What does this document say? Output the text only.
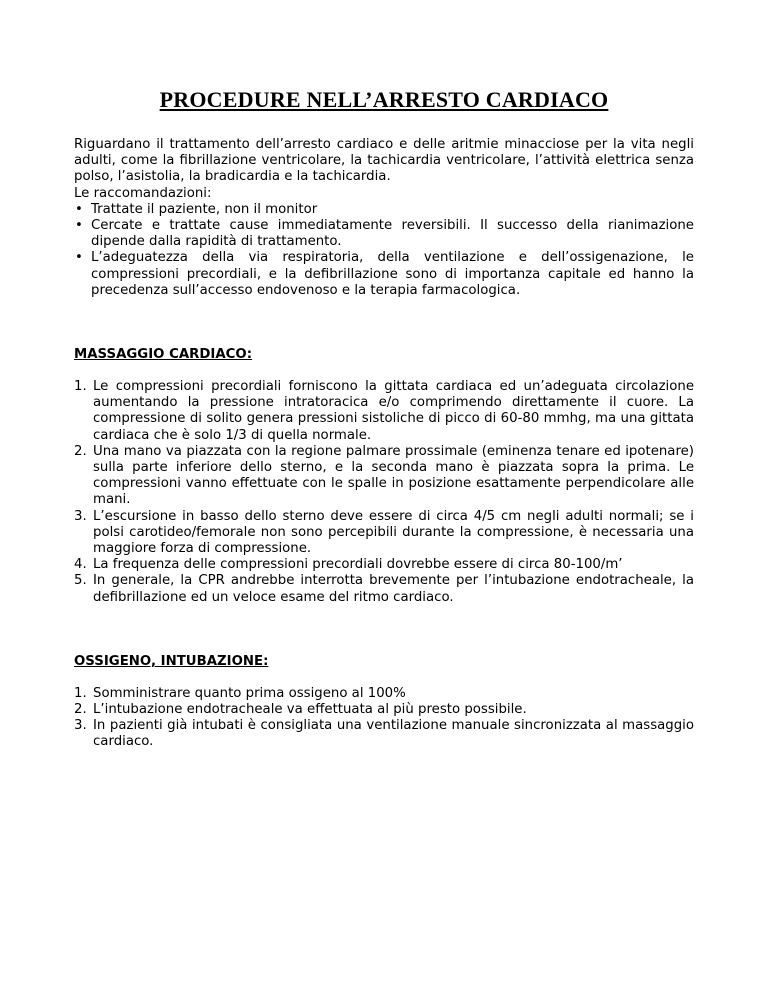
PROCEDURE NELL’ARRESTO CARDIACO

Riguardano il trattamento dell’arresto cardiaco e delle aritmie minacciose per la vita negli adulti, come la fibrillazione ventricolare, la tachicardia ventricolare, l’attività elettrica senza polso, l’asistolia, la bradicardia e la tachicardia.

Le raccomandazioni:

• Trattate il paziente, non il monitor
• Cercate e trattate cause immediatamente reversibili. Il successo della rianimazione dipende dalla rapidità di trattamento.
• L’adeguatezza della via respiratoria, della ventilazione e dell’ossigenazione, le compressioni precordiali, e la defibrillazione sono di importanza capitale ed hanno la precedenza sull’accesso endovenoso e la terapia farmacologica.
MASSAGGIO CARDIACO:
1. Le compressioni precordiali forniscono la gittata cardiaca ed un’adeguata circolazione aumentando la pressione intratoracica e/o comprimendo direttamente il cuore. La compressione di solito genera pressioni sistoliche di picco di 60-80 mmhg, ma una gittata cardiaca che è solo 1/3 di quella normale.
2. Una mano va piazzata con la regione palmare prossimale (eminenza tenare ed ipotenare) sulla parte inferiore dello sterno, e la seconda mano è piazzata sopra la prima. Le compressioni vanno effettuate con le spalle in posizione esattamente perpendicolare alle mani.
3. L’escursione in basso dello sterno deve essere di circa 4/5 cm negli adulti normali; se i polsi carotideo/femorale non sono percepibili durante la compressione, è necessaria una maggiore forza di compressione.
4. La frequenza delle compressioni precordiali dovrebbe essere di circa 80-100/m’
5. In generale, la CPR andrebbe interrotta brevemente per l’intubazione endotracheale, la defibrillazione ed un veloce esame del ritmo cardiaco.
OSSIGENO, INTUBAZIONE:
1. Somministrare quanto prima ossigeno al 100%
2. L’intubazione endotracheale va effettuata al più presto possibile.
3. In pazienti già intubati è consigliata una ventilazione manuale sincronizzata al massaggio cardiaco.
